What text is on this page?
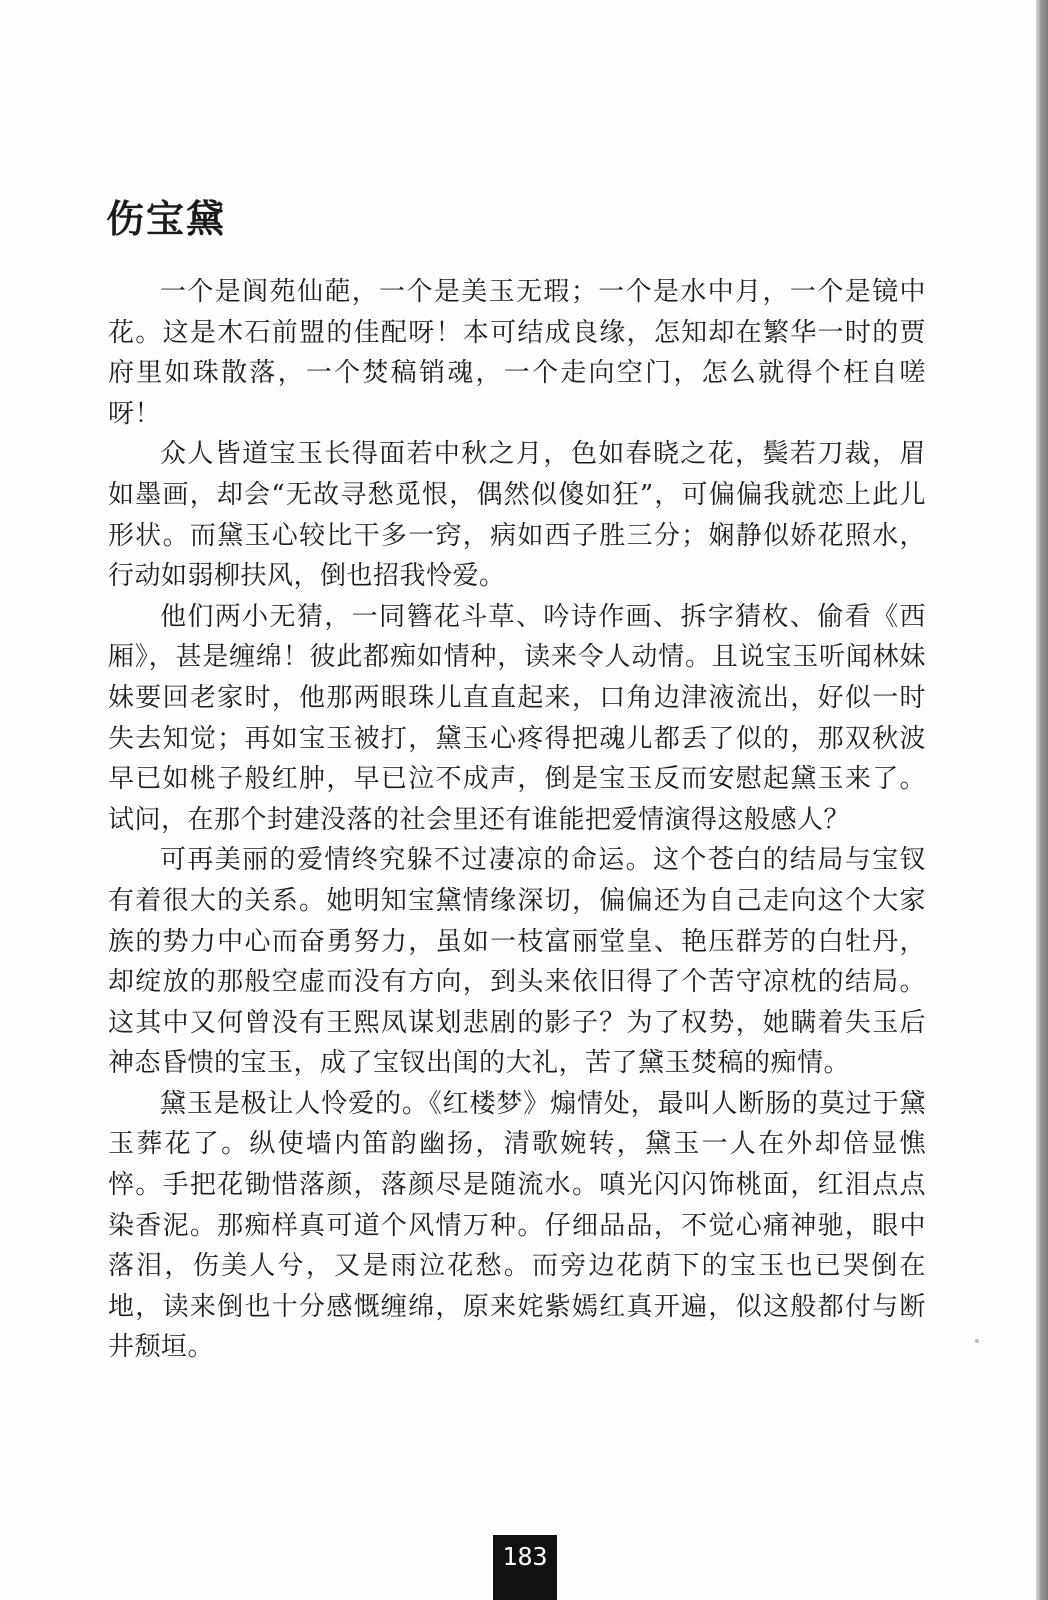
伤宝黛

一个是阆苑仙葩，一个是美玉无瑕；一个是水中月，一个是镜中花。这是木石前盟的佳配呀！本可结成良缘，怎知却在繁华一时的贾府里如珠散落，一个焚稿销魂，一个走向空门，怎么就得个枉自嗟呀！

众人皆道宝玉长得面若中秋之月，色如春晓之花，鬓若刀裁，眉如墨画，却会“无故寻愁觅恨，偶然似傻如狂”，可偏偏我就恋上此儿形状。而黛玉心较比干多一窍，病如西子胜三分；娴静似娇花照水，行动如弱柳扶风，倒也招我怜爱。

他们两小无猜，一同簪花斗草、吟诗作画、拆字猜枚、偷看《西厢》，甚是缠绵！彼此都痴如情种，读来令人动情。且说宝玉听闻林妹妹要回老家时，他那两眼珠儿直直起来，口角边津液流出，好似一时失去知觉；再如宝玉被打，黛玉心疼得把魂儿都丢了似的，那双秋波早已如桃子般红肿，早已泣不成声，倒是宝玉反而安慰起黛玉来了。试问，在那个封建没落的社会里还有谁能把爱情演得这般感人？

可再美丽的爱情终究躲不过凄凉的命运。这个苍白的结局与宝钗有着很大的关系。她明知宝黛情缘深切，偏偏还为自己走向这个大家族的势力中心而奋勇努力，虽如一枝富丽堂皇、艳压群芳的白牡丹，却绽放的那般空虚而没有方向，到头来依旧得了个苦守凉枕的结局。这其中又何曾没有王熙凤谋划悲剧的影子？为了权势，她瞒着失玉后神态昏愦的宝玉，成了宝钗出闺的大礼，苦了黛玉焚稿的痴情。

黛玉是极让人怜爱的。《红楼梦》煽情处，最叫人断肠的莫过于黛玉葬花了。纵使墙内笛韵幽扬，清歌婉转，黛玉一人在外却倍显憔悴。手把花锄惜落颜，落颜尽是随流水。嗔光闪闪饰桃面，红泪点点染香泥。那痴样真可道个风情万种。仔细品品，不觉心痛神驰，眼中落泪，伤美人兮，又是雨泣花愁。而旁边花荫下的宝玉也已哭倒在地，读来倒也十分感慨缠绵，原来姹紫嫣红真开遍，似这般都付与断井颓垣。

183
